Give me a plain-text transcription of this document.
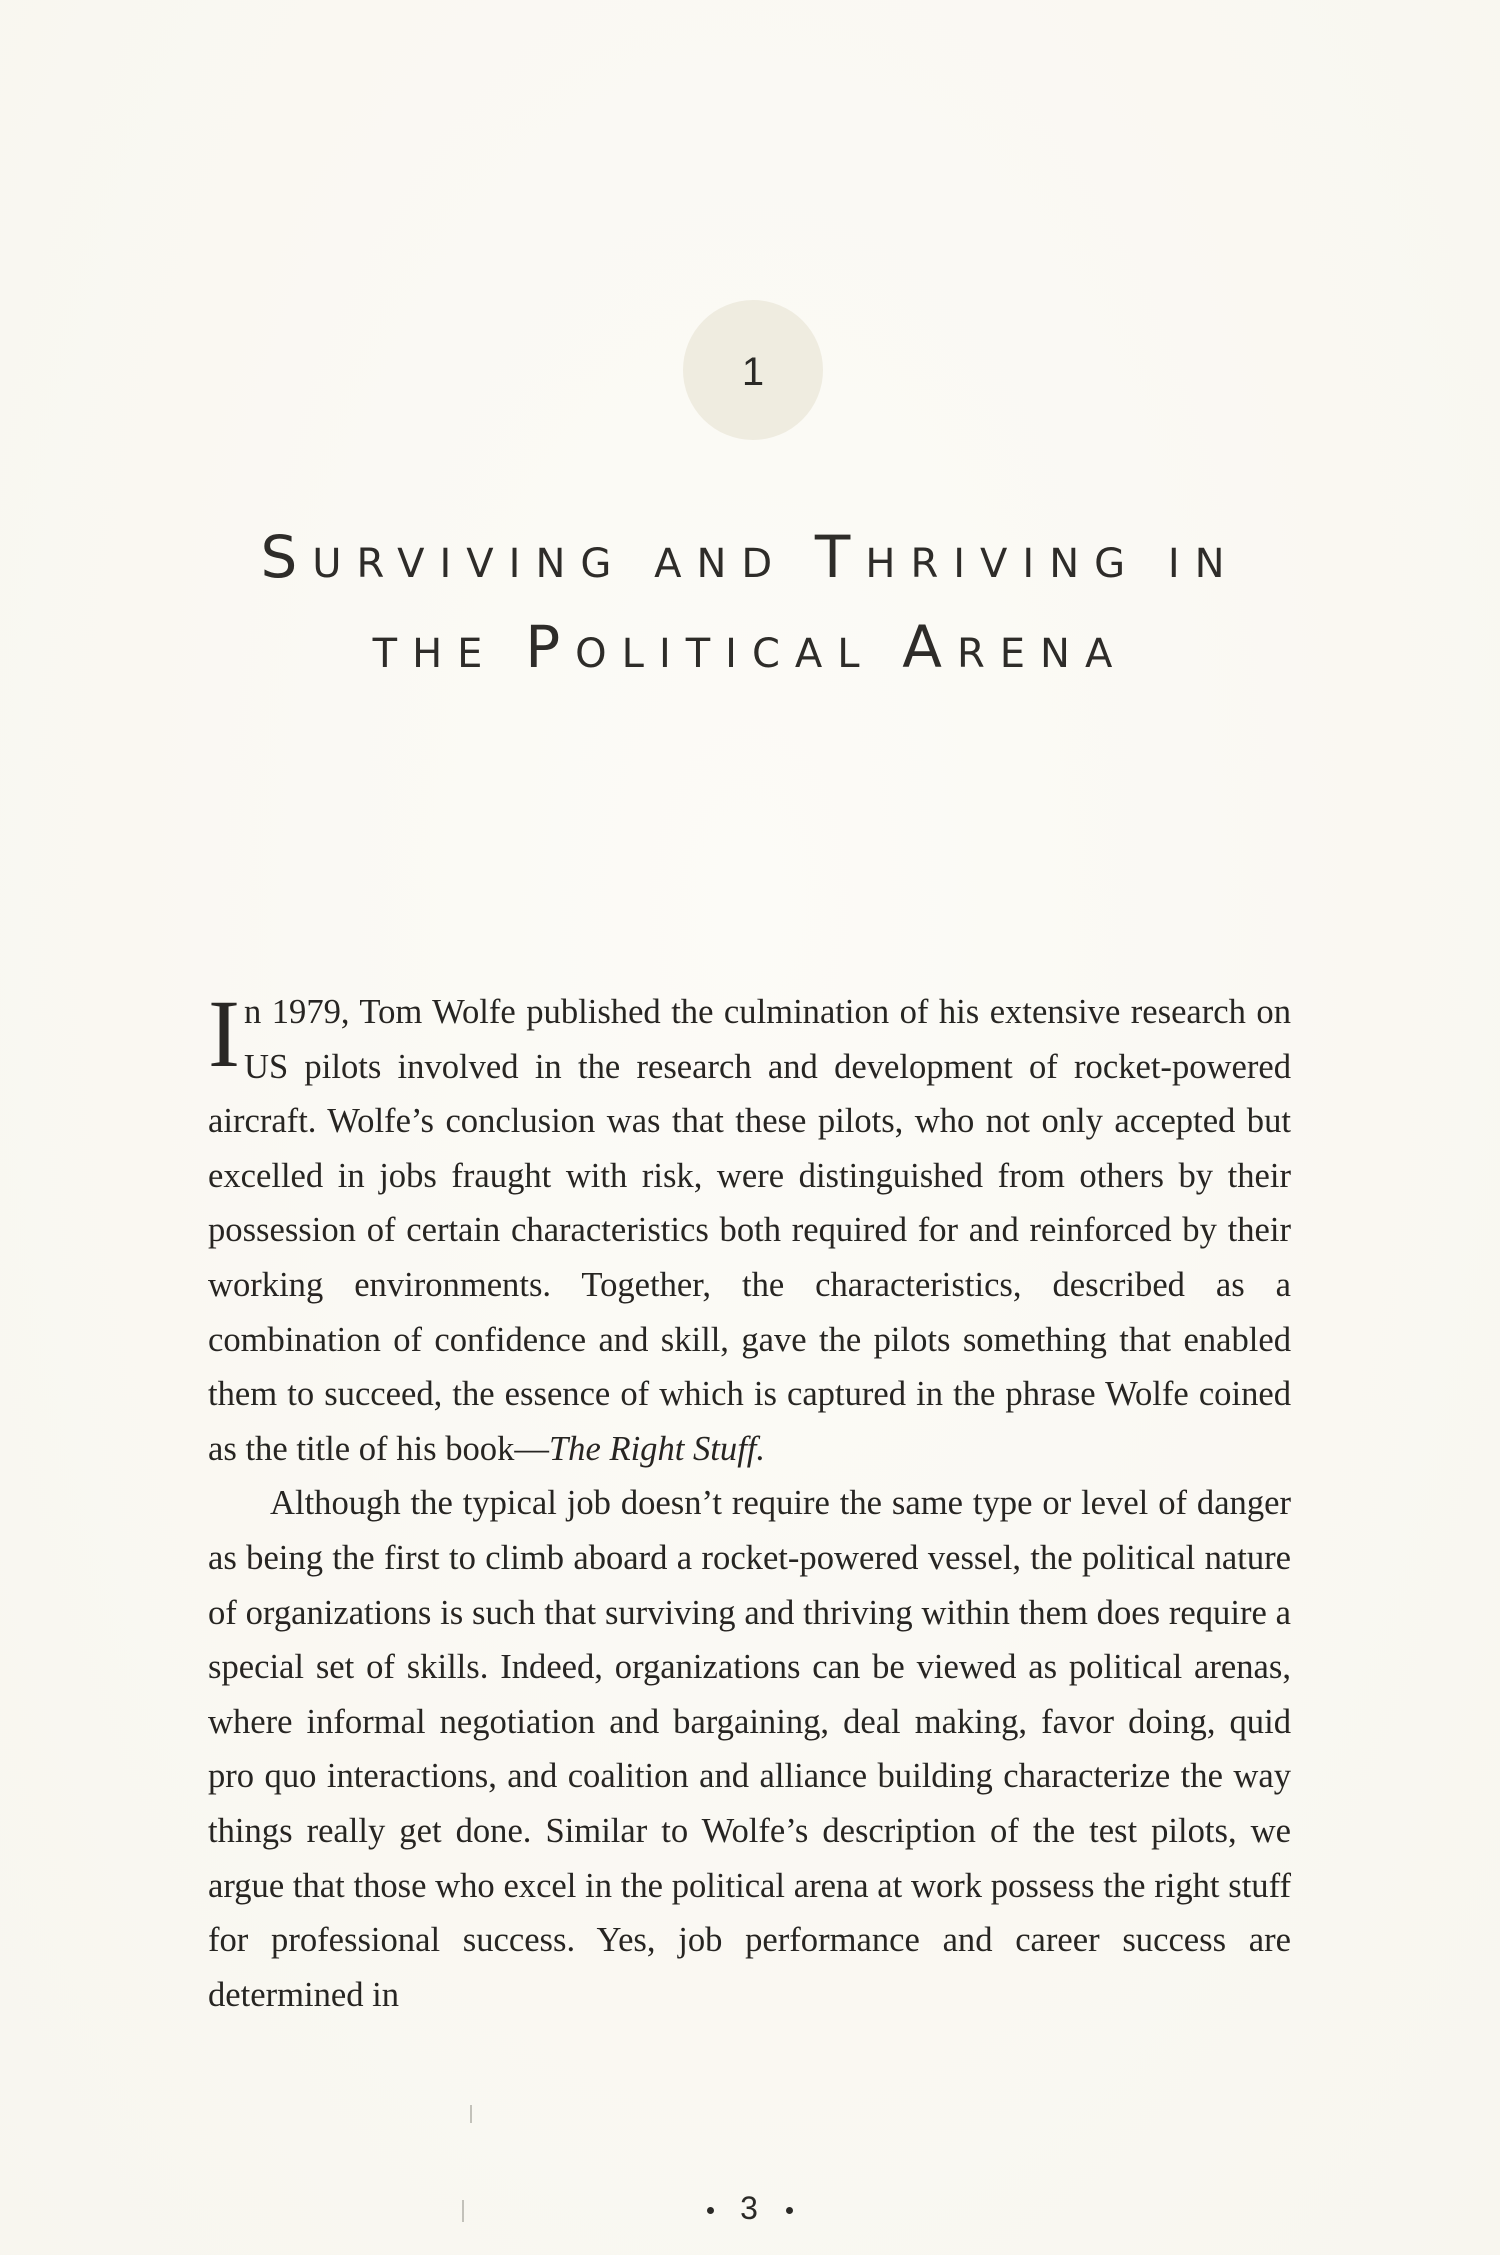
1
SURVIVING AND THRIVING IN
THE POLITICAL ARENA

In 1979, Tom Wolfe published the culmination of his extensive research on US pilots involved in the research and development of rocket-powered aircraft. Wolfe’s conclusion was that these pilots, who not only accepted but excelled in jobs fraught with risk, were distinguished from others by their possession of certain characteristics both required for and reinforced by their working environments. Together, the characteristics, described as a combination of confidence and skill, gave the pilots something that enabled them to succeed, the essence of which is captured in the phrase Wolfe coined as the title of his book—The Right Stuff.

Although the typical job doesn’t require the same type or level of danger as being the first to climb aboard a rocket-powered vessel, the political nature of organizations is such that surviving and thriving within them does require a special set of skills. Indeed, organizations can be viewed as political arenas, where informal negotiation and bargaining, deal making, favor doing, quid pro quo interactions, and coalition and alliance building characterize the way things really get done. Similar to Wolfe’s description of the test pilots, we argue that those who excel in the political arena at work possess the right stuff for professional success. Yes, job performance and career success are determined in

3
